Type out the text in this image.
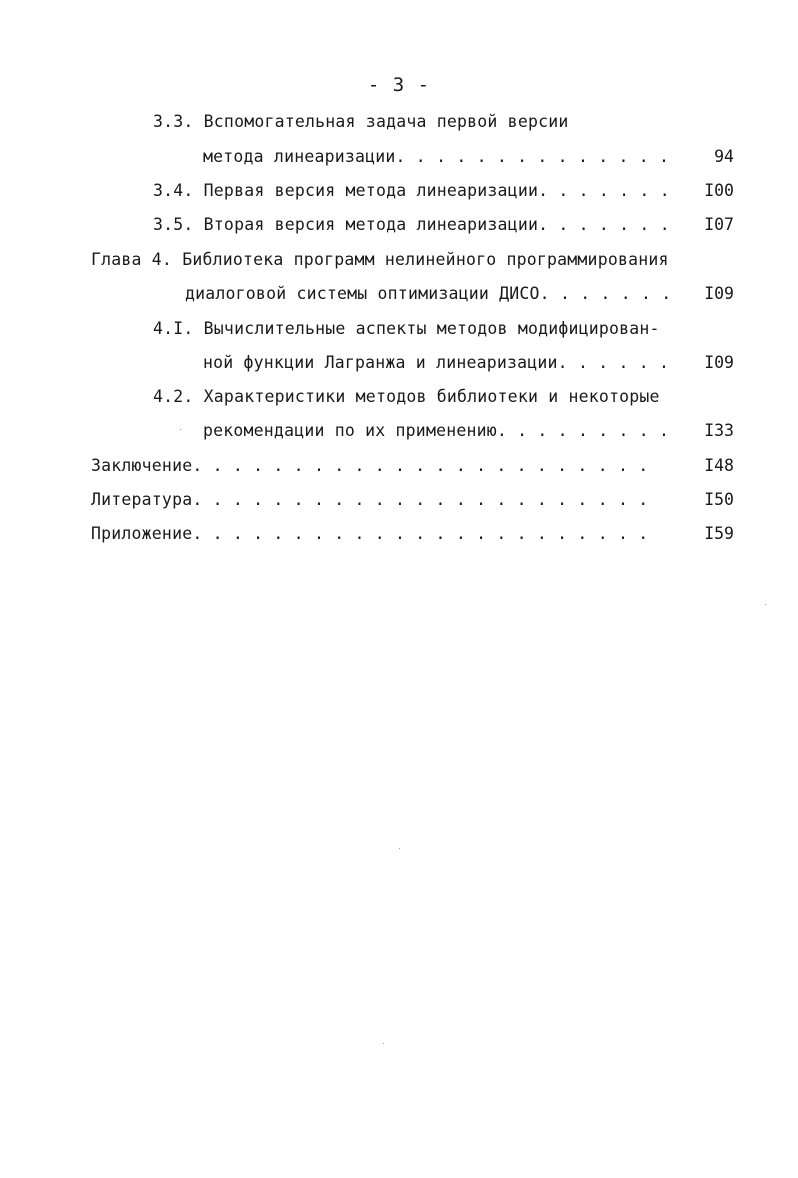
- 3 -
3.3. Вспомогательная задача первой версии
метода линеаризации. . . . . . . . . . . . . .	94
3.4. Первая версия метода линеаризации. . . . . . .	I00
3.5. Вторая версия метода линеаризации. . . . . . .	I07
Глава 4. Библиотека программ нелинейного программирования
диалоговой системы оптимизации ДИСО. . . . . . .	I09
4.I. Вычислительные аспекты методов модифицирован-
ной функции Лагранжа и линеаризации. . . . . .	I09
4.2. Характеристики методов библиотеки и некоторые
рекомендации по их применению. . . . . . . . .	I33
Заключение. . . . . . . . . . . . . . . . . . . . . . .	I48
Литература. . . . . . . . . . . . . . . . . . . . . . .	I50
Приложение. . . . . . . . . . . . . . . . . . . . . . .	I59
